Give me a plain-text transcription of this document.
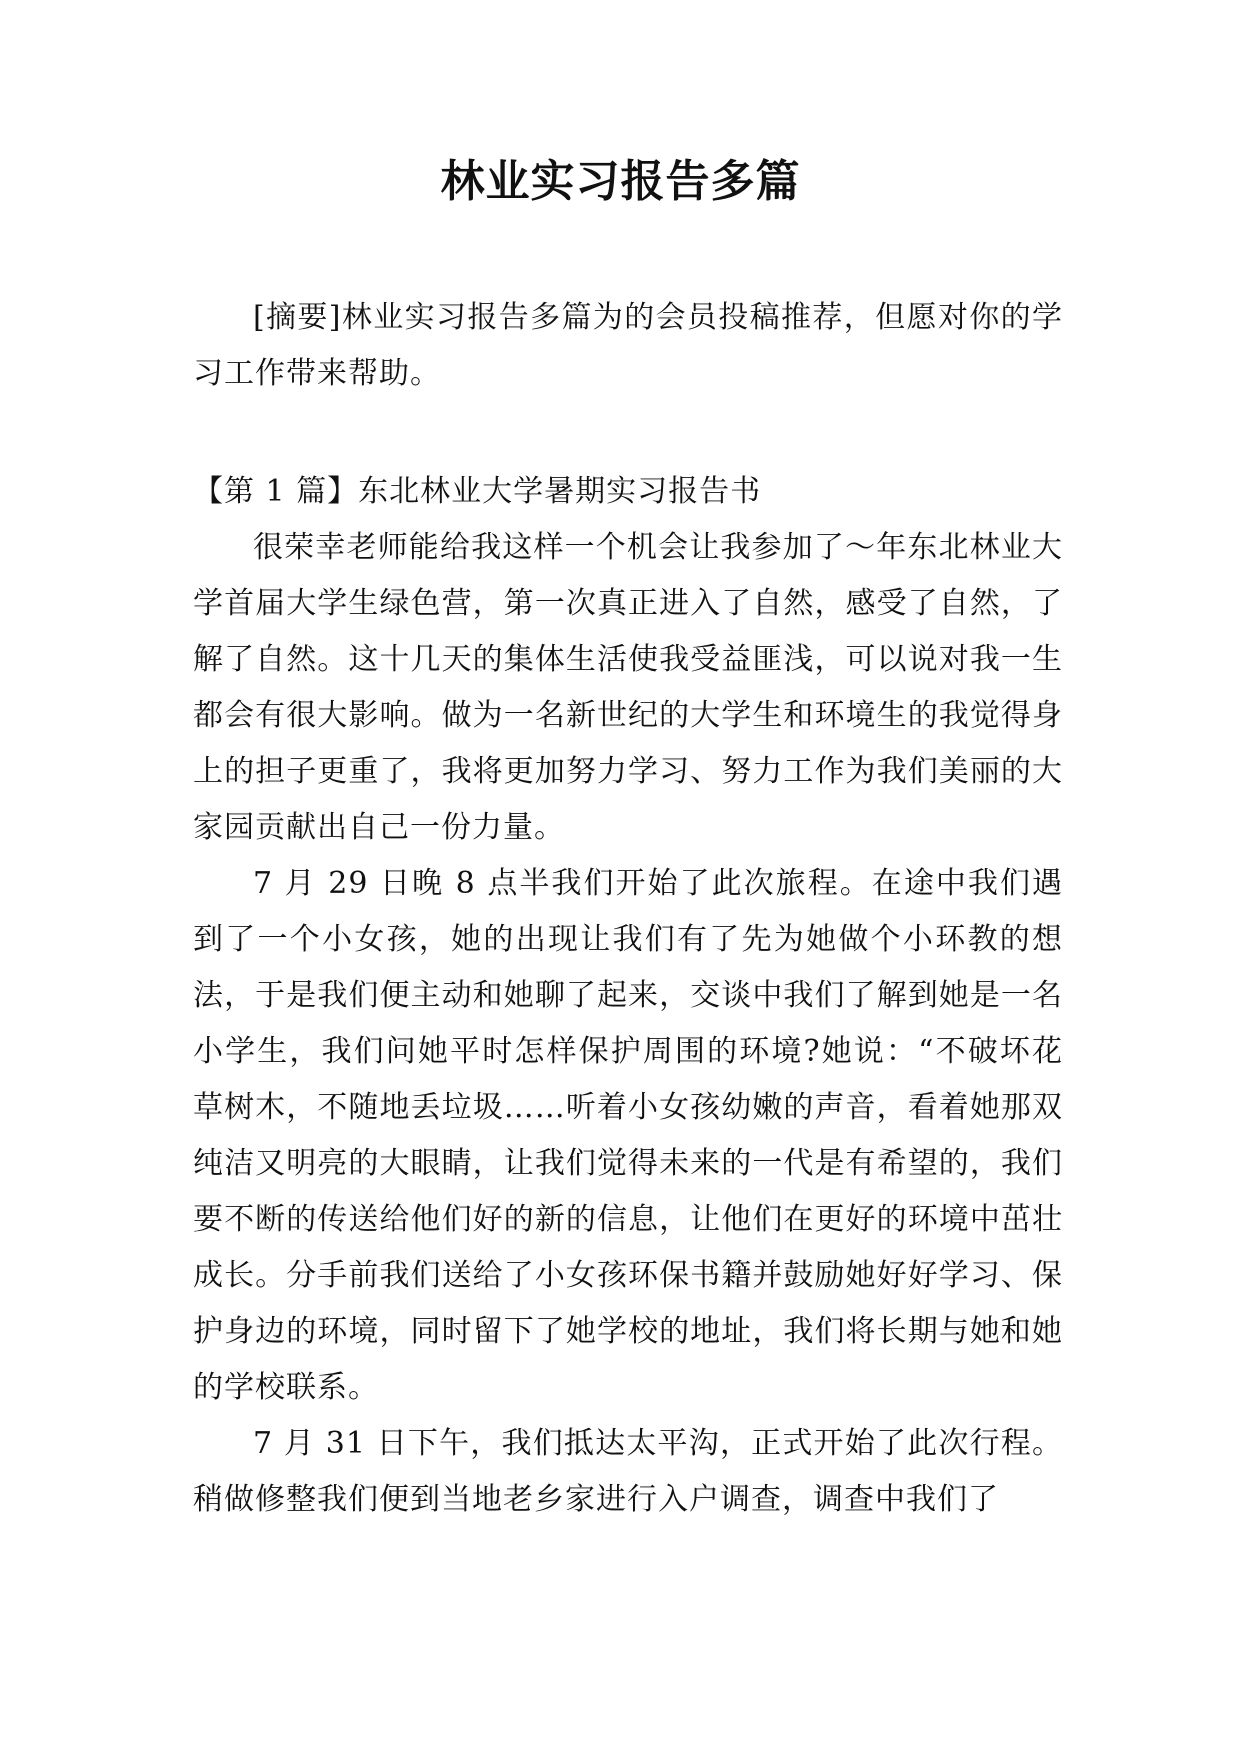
林业实习报告多篇
[摘要]林业实习报告多篇为的会员投稿推荐，但愿对你的学习工作带来帮助。
【第 1 篇】东北林业大学暑期实习报告书

很荣幸老师能给我这样一个机会让我参加了～年东北林业大学首届大学生绿色营，第一次真正进入了自然，感受了自然，了解了自然。这十几天的集体生活使我受益匪浅，可以说对我一生都会有很大影响。做为一名新世纪的大学生和环境生的我觉得身上的担子更重了，我将更加努力学习、努力工作为我们美丽的大家园贡献出自己一份力量。

7 月 29 日晚 8 点半我们开始了此次旅程。在途中我们遇到了一个小女孩，她的出现让我们有了先为她做个小环教的想法，于是我们便主动和她聊了起来，交谈中我们了解到她是一名小学生，我们问她平时怎样保护周围的环境?她说：“不破坏花草树木，不随地丢垃圾……听着小女孩幼嫩的声音，看着她那双纯洁又明亮的大眼睛，让我们觉得未来的一代是有希望的，我们要不断的传送给他们好的新的信息，让他们在更好的环境中茁壮成长。分手前我们送给了小女孩环保书籍并鼓励她好好学习、保护身边的环境，同时留下了她学校的地址，我们将长期与她和她的学校联系。

7 月 31 日下午，我们抵达太平沟，正式开始了此次行程。稍做修整我们便到当地老乡家进行入户调查，调查中我们了
